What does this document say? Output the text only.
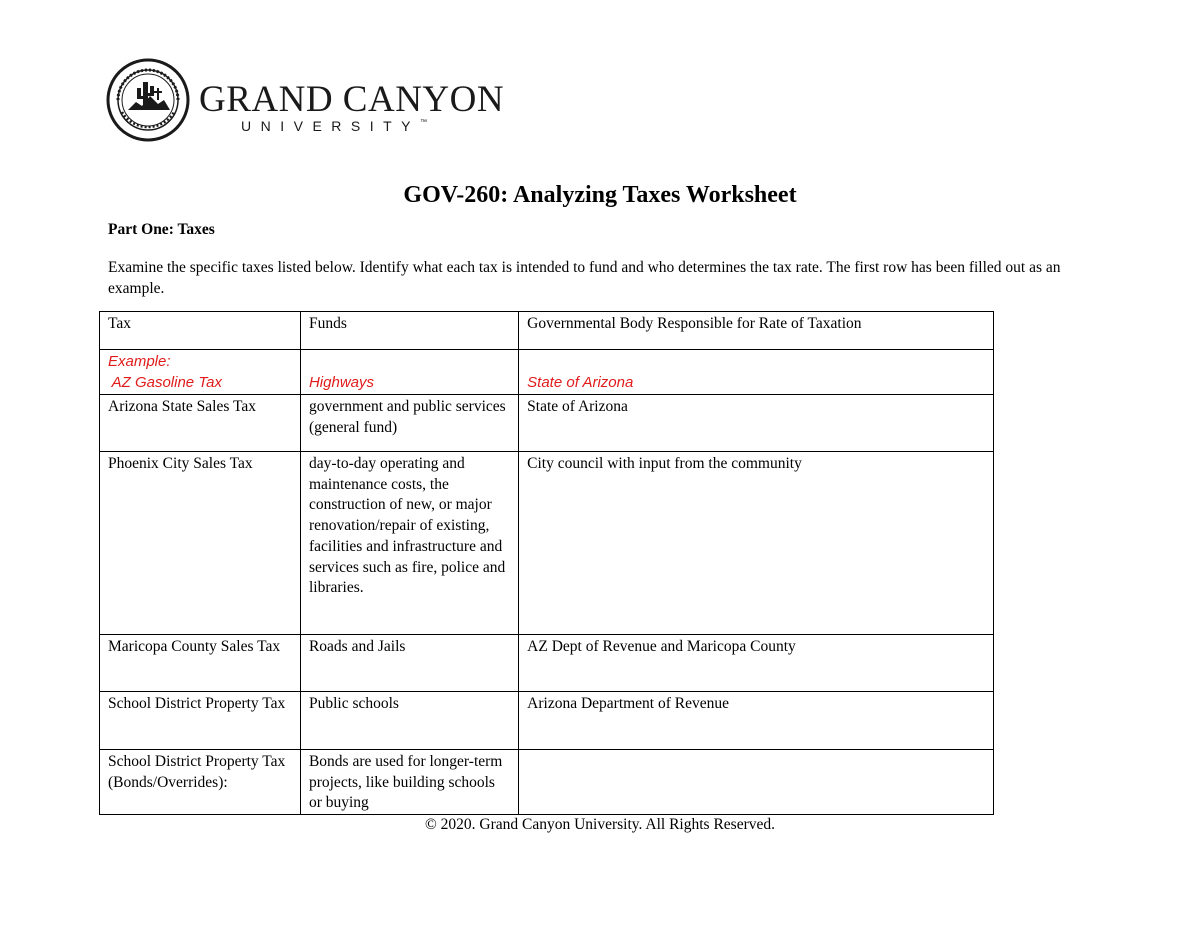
GRAND CANYON
UNIVERSITY™
GOV-260: Analyzing Taxes Worksheet
Part One: Taxes
Examine the specific taxes listed below. Identify what each tax is intended to fund and who determines the tax rate. The first row has been filled out as an example.
Tax	Funds	Governmental Body Responsible for Rate of Taxation

Example:
AZ Gasoline Tax	Highways	State of Arizona

Arizona State Sales Tax	government and public services (general fund)	State of Arizona
Phoenix City Sales Tax	day-to-day operating and maintenance costs, the construction of new, or major renovation/repair of existing, facilities and infrastructure and services such as fire, police and libraries.	City council with input from the community
Maricopa County Sales Tax	Roads and Jails	AZ Dept of Revenue and Maricopa County
School District Property Tax	Public schools	Arizona Department of Revenue
School District Property Tax (Bonds/Overrides):	Bonds are used for longer-term projects, like building schools or buying	
© 2020. Grand Canyon University. All Rights Reserved.
